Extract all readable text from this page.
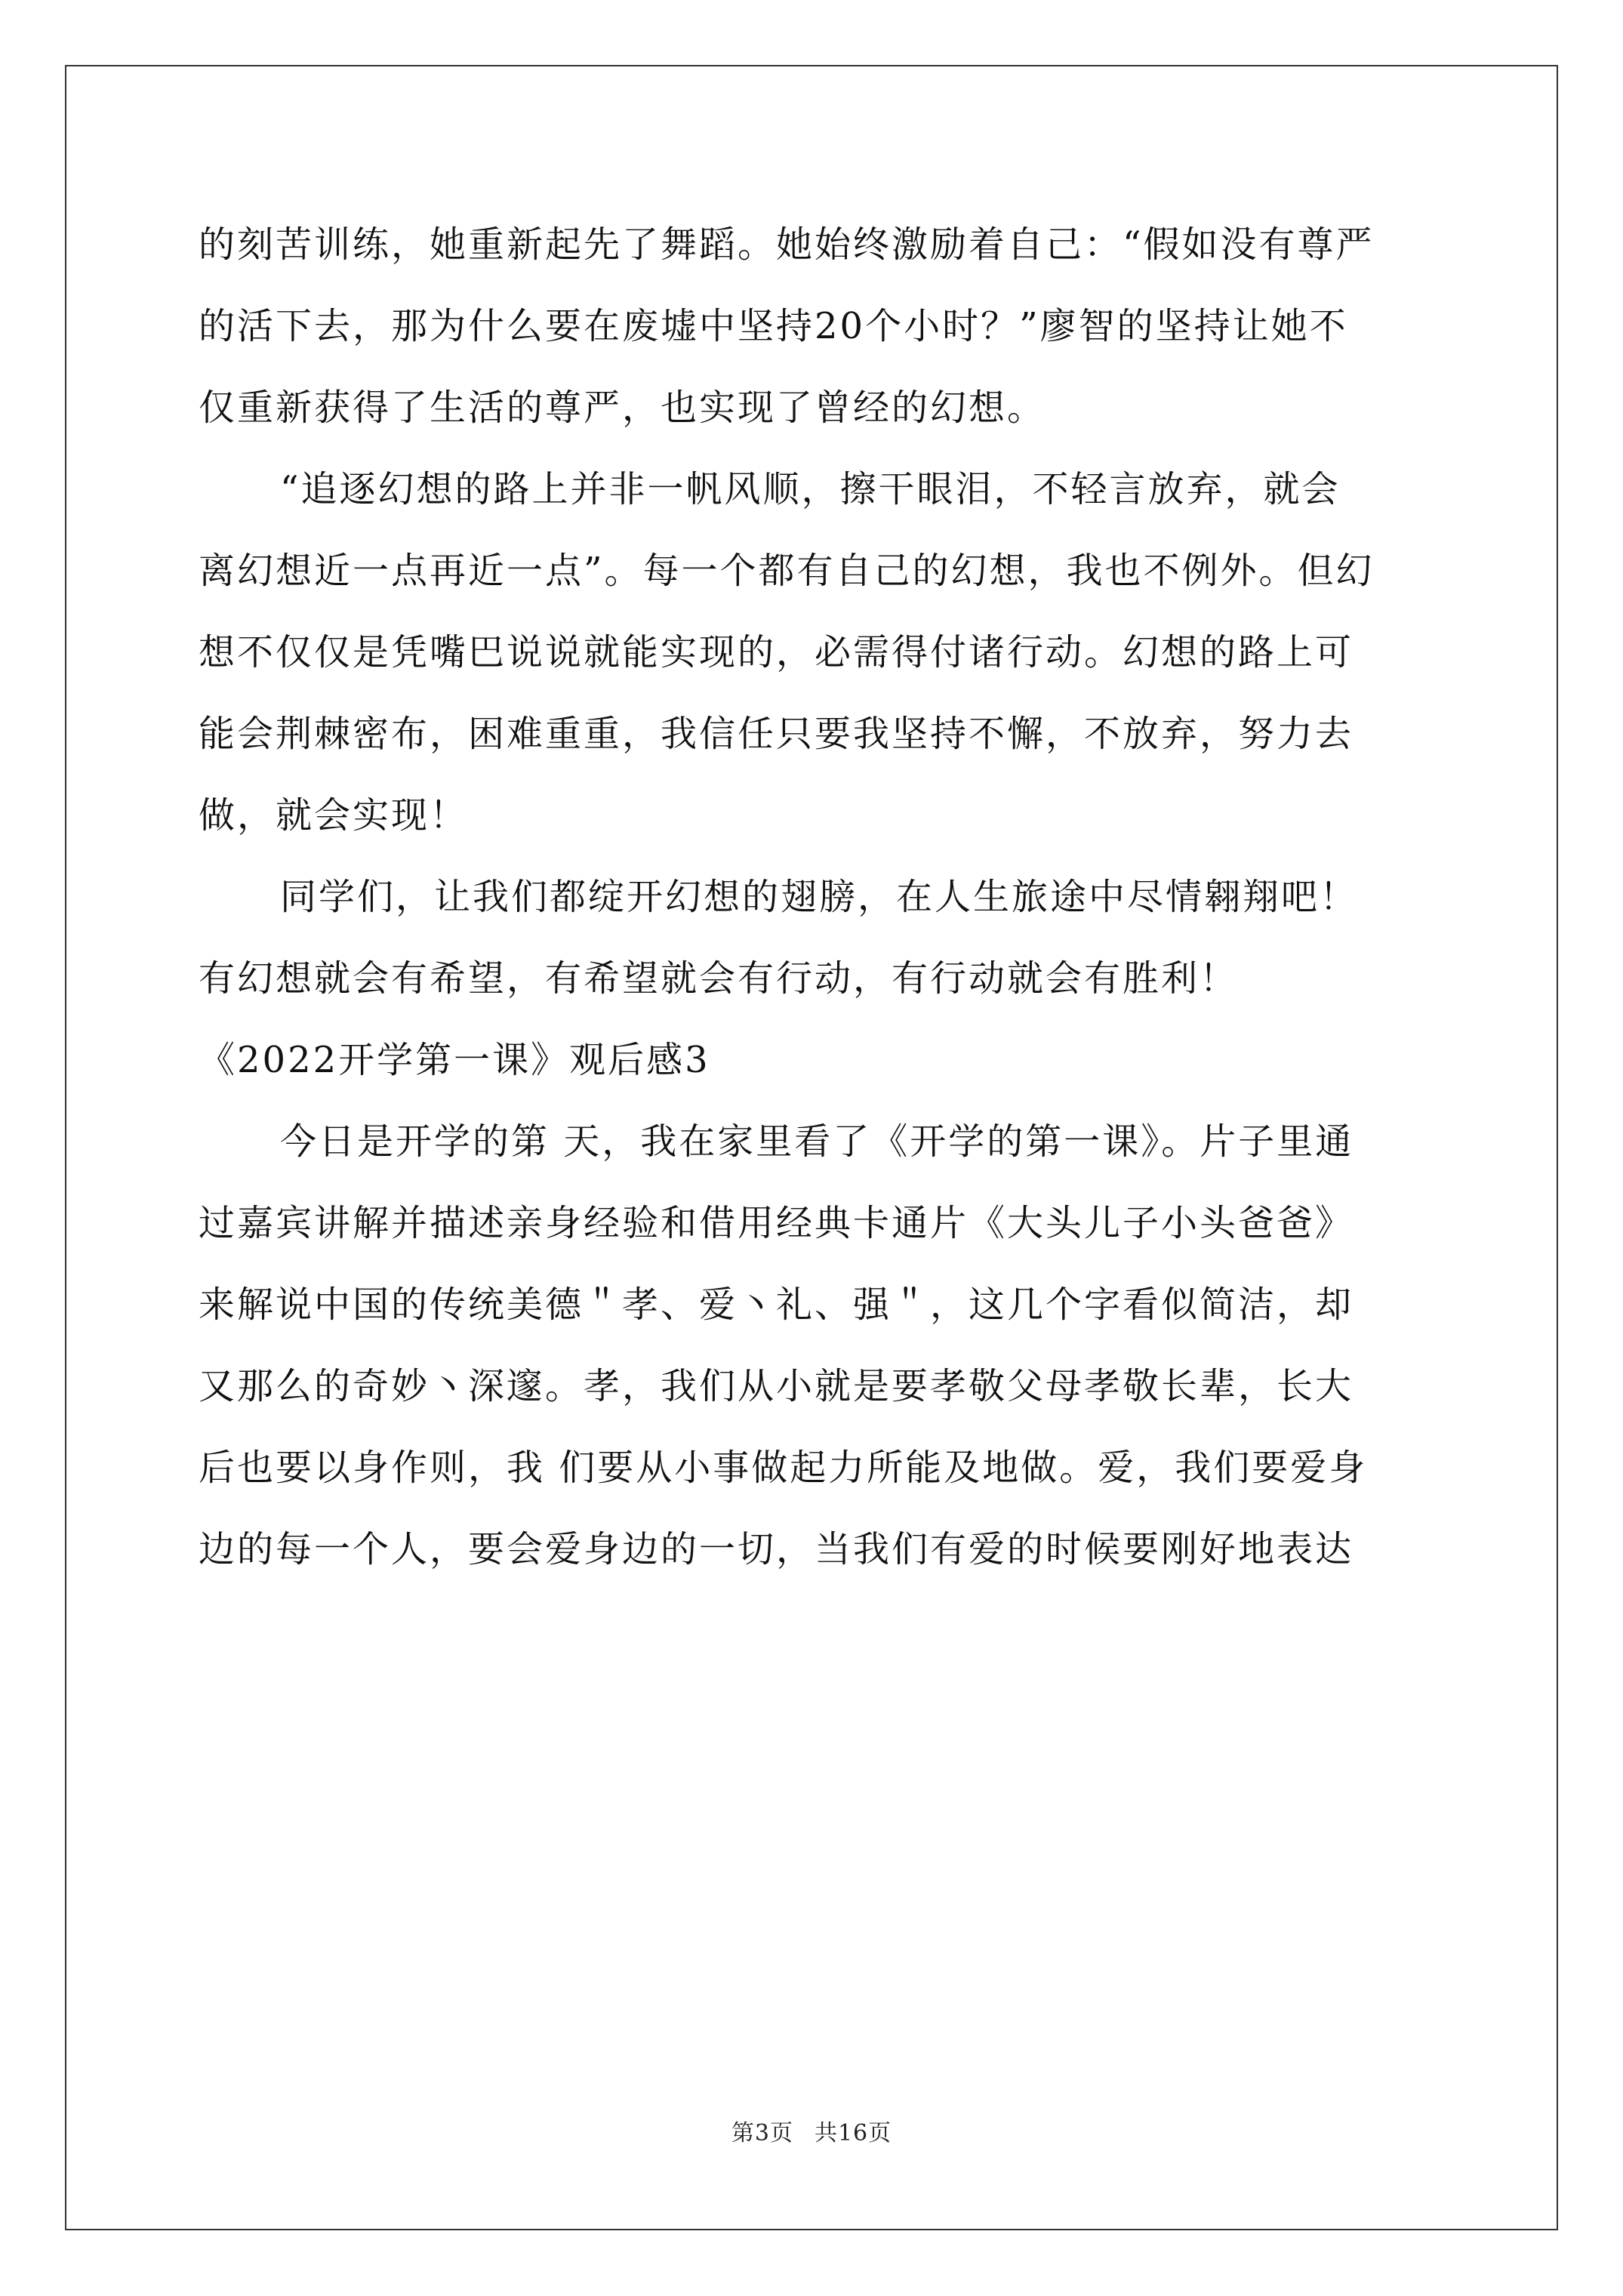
的刻苦训练，她重新起先了舞蹈。她始终激励着自己：“假如没有尊严
的活下去，那为什么要在废墟中坚持20个小时？”廖智的坚持让她不
仅重新获得了生活的尊严，也实现了曾经的幻想。
“追逐幻想的路上并非一帆风顺，擦干眼泪，不轻言放弃，就会
离幻想近一点再近一点”。每一个都有自己的幻想，我也不例外。但幻
想不仅仅是凭嘴巴说说就能实现的，必需得付诸行动。幻想的路上可
能会荆棘密布，困难重重，我信任只要我坚持不懈，不放弃，努力去
做，就会实现！
同学们，让我们都绽开幻想的翅膀，在人生旅途中尽情翱翔吧！
有幻想就会有希望，有希望就会有行动，有行动就会有胜利！
《2022开学第一课》观后感3
今日是开学的第 天，我在家里看了《开学的第一课》。片子里通
过嘉宾讲解并描述亲身经验和借用经典卡通片《大头儿子小头爸爸》
来解说中国的传统美德＂孝、爱丶礼、强＂，这几个字看似简洁，却
又那么的奇妙丶深邃。孝，我们从小就是要孝敬父母孝敬长辈，长大
后也要以身作则，我 们要从小事做起力所能及地做。爱，我们要爱身
边的每一个人，要会爱身边的一切，当我们有爱的时候要刚好地表达
第3页 共16页
